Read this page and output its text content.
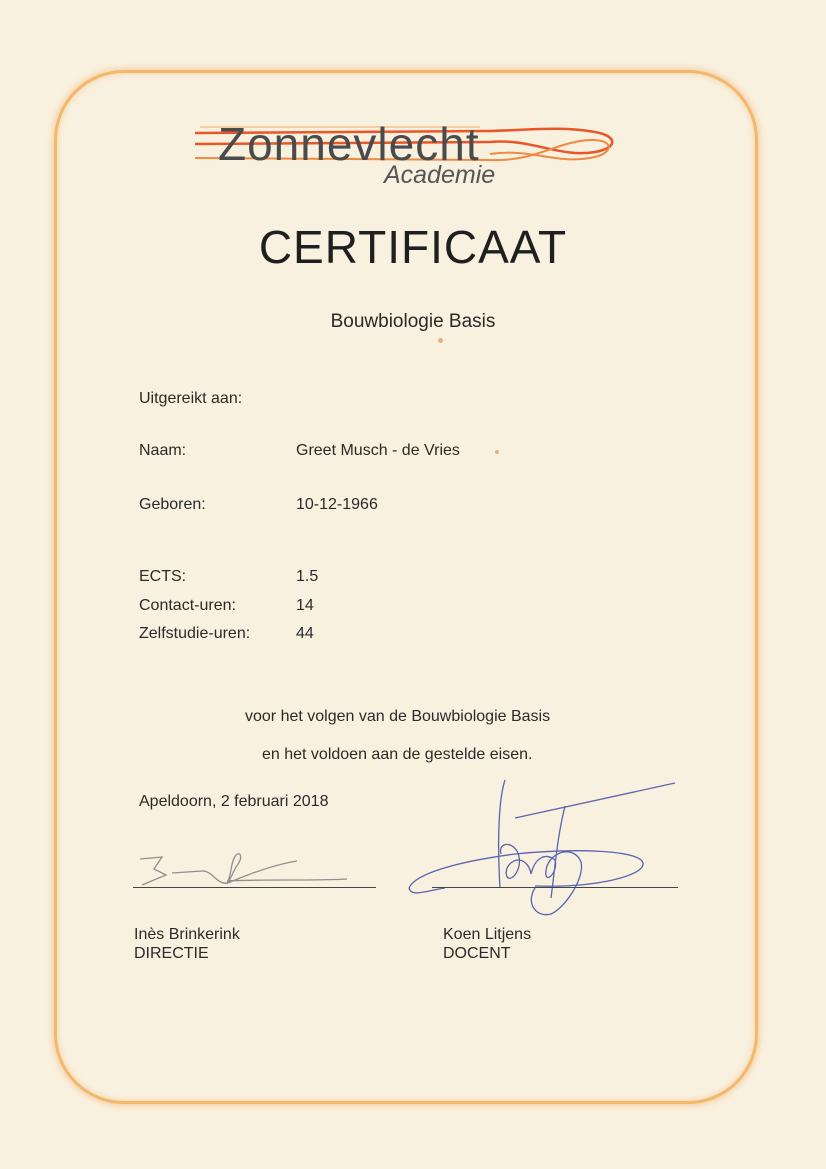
Zonnevlecht
Academie
CERTIFICAAT
Bouwbiologie Basis
Uitgereikt aan:
Naam:	Greet Musch - de Vries
Geboren:	10-12-1966
ECTS:	1.5
Contact-uren:	14
Zelfstudie-uren:	44
voor het volgen van de Bouwbiologie Basis
en het voldoen aan de gestelde eisen.
Apeldoorn, 2 februari 2018
Inès Brinkerink
DIRECTIE
Koen Litjens
DOCENT
